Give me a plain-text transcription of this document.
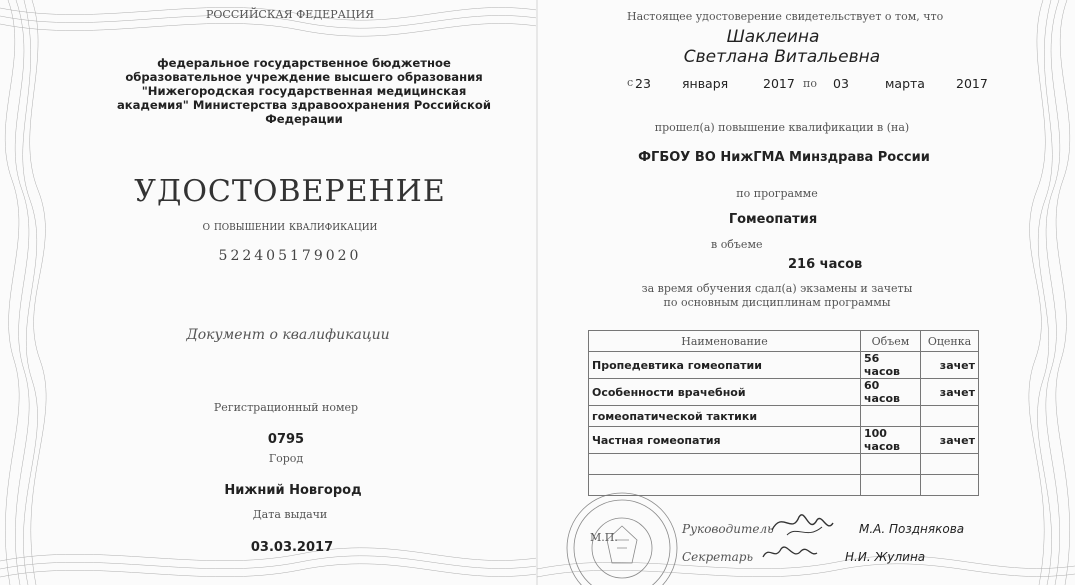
РОССИЙСКАЯ ФЕДЕРАЦИЯ
федеральное государственное бюджетное образовательное учреждение высшего образования "Нижегородская государственная медицинская академия" Министерства здравоохранения Российской Федерации
УДОСТОВЕРЕНИЕ
о повышении квалификации
522405179020
Документ о квалификации
Регистрационный номер
0795
Город
Нижний Новгород
Дата выдачи
03.03.2017
Настоящее удостоверение свидетельствует о том, что
Шаклеина
Светлана Витальевна
с 23 января	2017 по 03	марта 2017
прошел(а) повышение квалификации в (на)
ФГБОУ ВО НижГМА Минздрава России
по программе
Гомеопатия
в объеме
216 часов
за время обучения сдал(а) экзамены и зачеты
по основным дисциплинам программы
М.П.
Руководитель	М.А. Позднякова
Секретарь	Н.И. Жулина
Наименование	Объем	Оценка
Пропедевтика гомеопатии	56 часов	зачет
Особенности врачебной	60 часов	зачет
гомеопатической тактики		
Частная гомеопатия	100 часов	зачет
